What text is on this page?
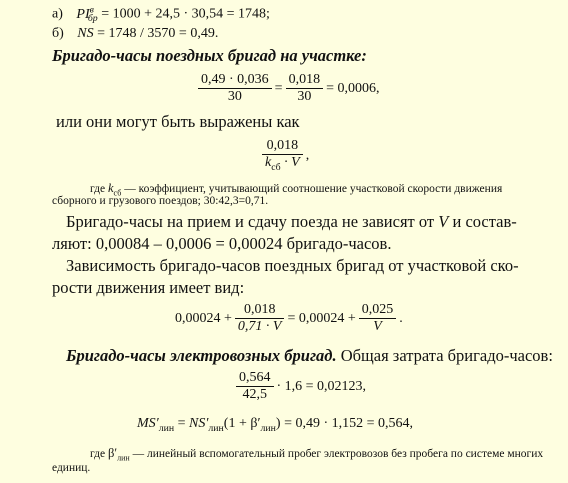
а) $PI^в_{бр} = 1000 + 24,5 \cdot 30,54 = 1748$;
б) NS = 1748 / 3570 = 0,49.
Бригадо-часы поездных бригад на участке:
$\frac{0,49 \cdot 0,036}{30} = \frac{0,018}{30} = 0,0006$,
или они могут быть выражены как
$\frac{0,018}{k_{сб} \cdot V}$ ,
где $k_{сб}$ — коэффициент, учитывающий соотношение участковой скорости движения
сборного и грузового поездов; 30:42,3=0,71.
Бригадо-часы на прием и сдачу поезда не зависят от V и состав-
ляют: 0,00084 – 0,0006 = 0,00024 бригадо-часов.
Зависимость бригадо-часов поездных бригад от участковой ско-
рости движения имеет вид:
$0,00024 + \frac{0,018}{0,71 \cdot V} = 0,00024 + \frac{0,025}{V}$ .
Бригадо-часы электровозных бригад. Общая затрата бригадо-часов:
$\frac{0,564}{42,5} \cdot 1,6 = 0,02123$,
$MS'_{лин} = NS'_{лин}(1 + \beta'_{лин}) = 0,49 \cdot 1,152 = 0,564$,
где $\beta'_{лин}$ — линейный вспомогательный пробег электровозов без пробега по системе многих
единиц.
